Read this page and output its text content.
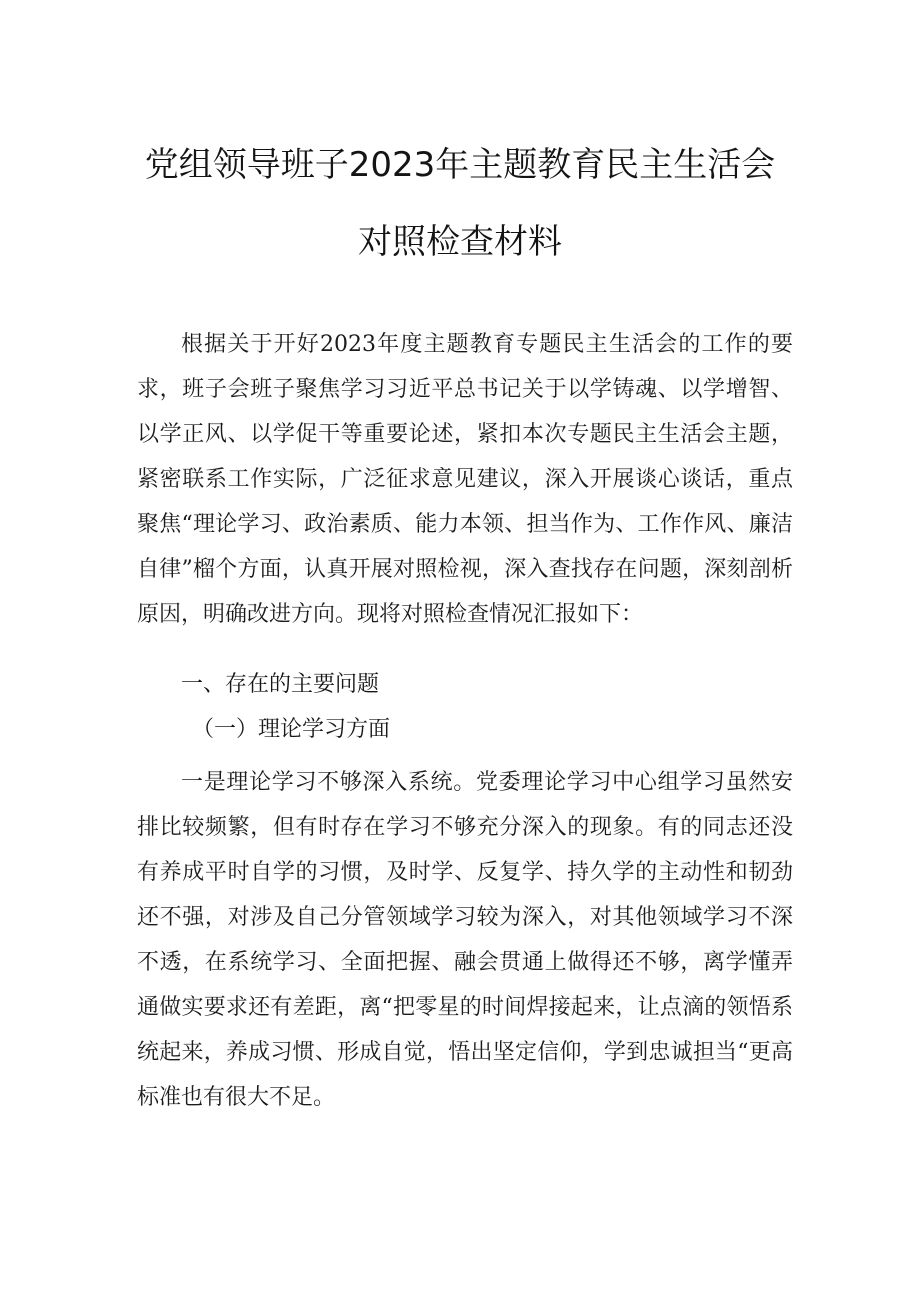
党组领导班子2023年主题教育民主生活会
对照检查材料

根据关于开好2023年度主题教育专题民主生活会的工作的要求，班子会班子聚焦学习习近平总书记关于以学铸魂、以学增智、以学正风、以学促干等重要论述，紧扣本次专题民主生活会主题，紧密联系工作实际，广泛征求意见建议，深入开展谈心谈话，重点聚焦“理论学习、政治素质、能力本领、担当作为、工作作风、廉洁自律”榴个方面，认真开展对照检视，深入查找存在问题，深刻剖析原因，明确改进方向。现将对照检查情况汇报如下：

一、存在的主要问题
（一）理论学习方面

一是理论学习不够深入系统。党委理论学习中心组学习虽然安排比较频繁，但有时存在学习不够充分深入的现象。有的同志还没有养成平时自学的习惯，及时学、反复学、持久学的主动性和韧劲还不强，对涉及自己分管领域学习较为深入，对其他领域学习不深不透，在系统学习、全面把握、融会贯通上做得还不够，离学懂弄通做实要求还有差距，离“把零星的时间焊接起来，让点滴的领悟系统起来，养成习惯、形成自觉，悟出坚定信仰，学到忠诚担当“更高标准也有很大不足。
